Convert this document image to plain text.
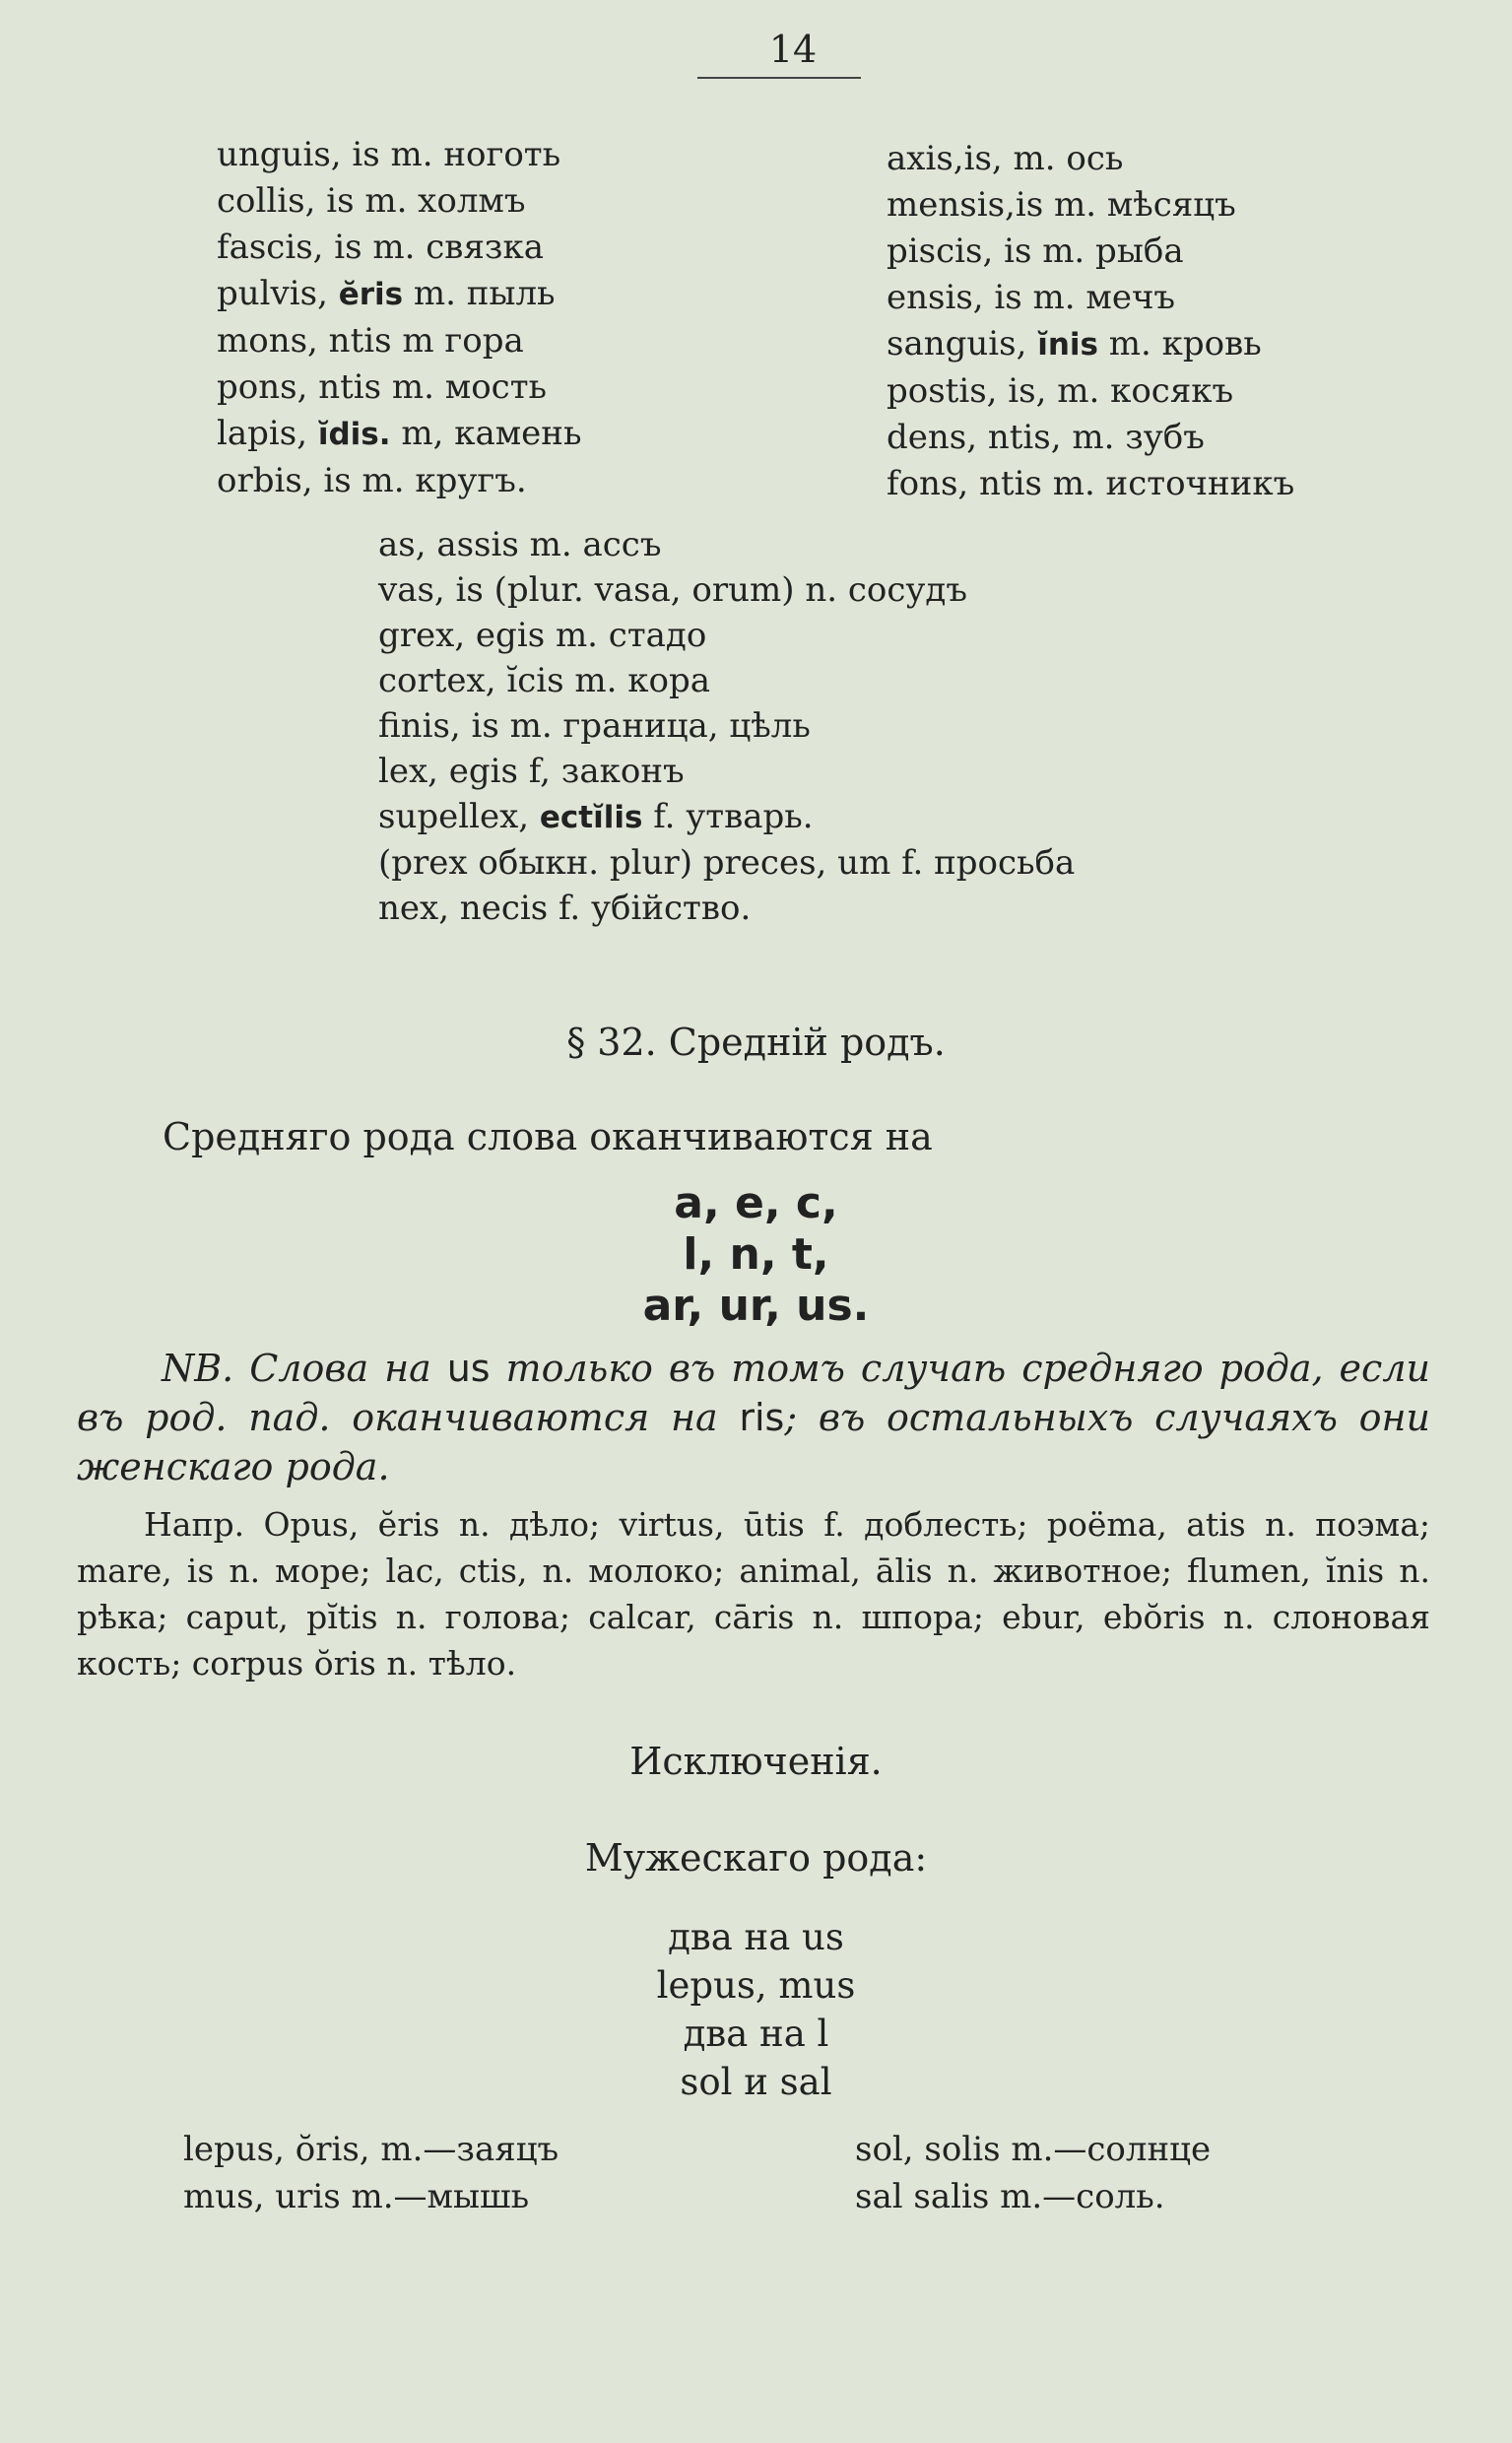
14
unguis, is m. ноготь
collis, is m. холмъ
fascis, is m. связка
pulvis, ĕris m. пыль
mons, ntis m гора
pons, ntis m. мость
lapis, ĭdis. m, камень
orbis, is m. кругъ.
axis,is, m. ось
mensis,is m. мѣсяцъ
piscis, is m. рыба
ensis, is m. мечъ
sanguis, ĭnis m. кровь
postis, is, m. косякъ
dens, ntis, m. зубъ
fons, ntis m. источникъ
as, assis m. ассъ
vas, is (plur. vasa, orum) n. сосудъ
grex, egis m. стадо
cortex, ĭcis m. кора
finis, is m. граница, цѣль
lex, egis f, законъ
supellex, ectĭlis f. утварь.
(prex обыкн. plur) preces, um f. просьба
nex, necis f. убійство.
§ 32. Средній родъ.
Средняго рода слова оканчиваются на
a, e, c,
l, n, t,
ar, ur, us.
NB. Слова на us только въ томъ случаѣ средняго рода, если въ род. пад. оканчиваются на ris; въ остальныхъ случаяхъ они женскаго рода.
Напр. Opus, ĕris n. дѣло; virtus, ūtis f. доблесть; poëma, atis n. поэма; mare, is n. море; lac, ctis, n. молоко; animal, ālis n. животное; flumen, ĭnis n. рѣка; caput, pĭtis n. голова; calcar, cāris n. шпора; ebur, ebŏris n. слоновая кость; corpus ŏris n. тѣло.
Исключенія.
Мужескаго рода:
два на us
lepus, mus
два на l
sol и sal
lepus, ŏris, m.—заяцъ
mus, uris m.—мышь
sol, solis m.—солнце
sal salis m.—соль.
